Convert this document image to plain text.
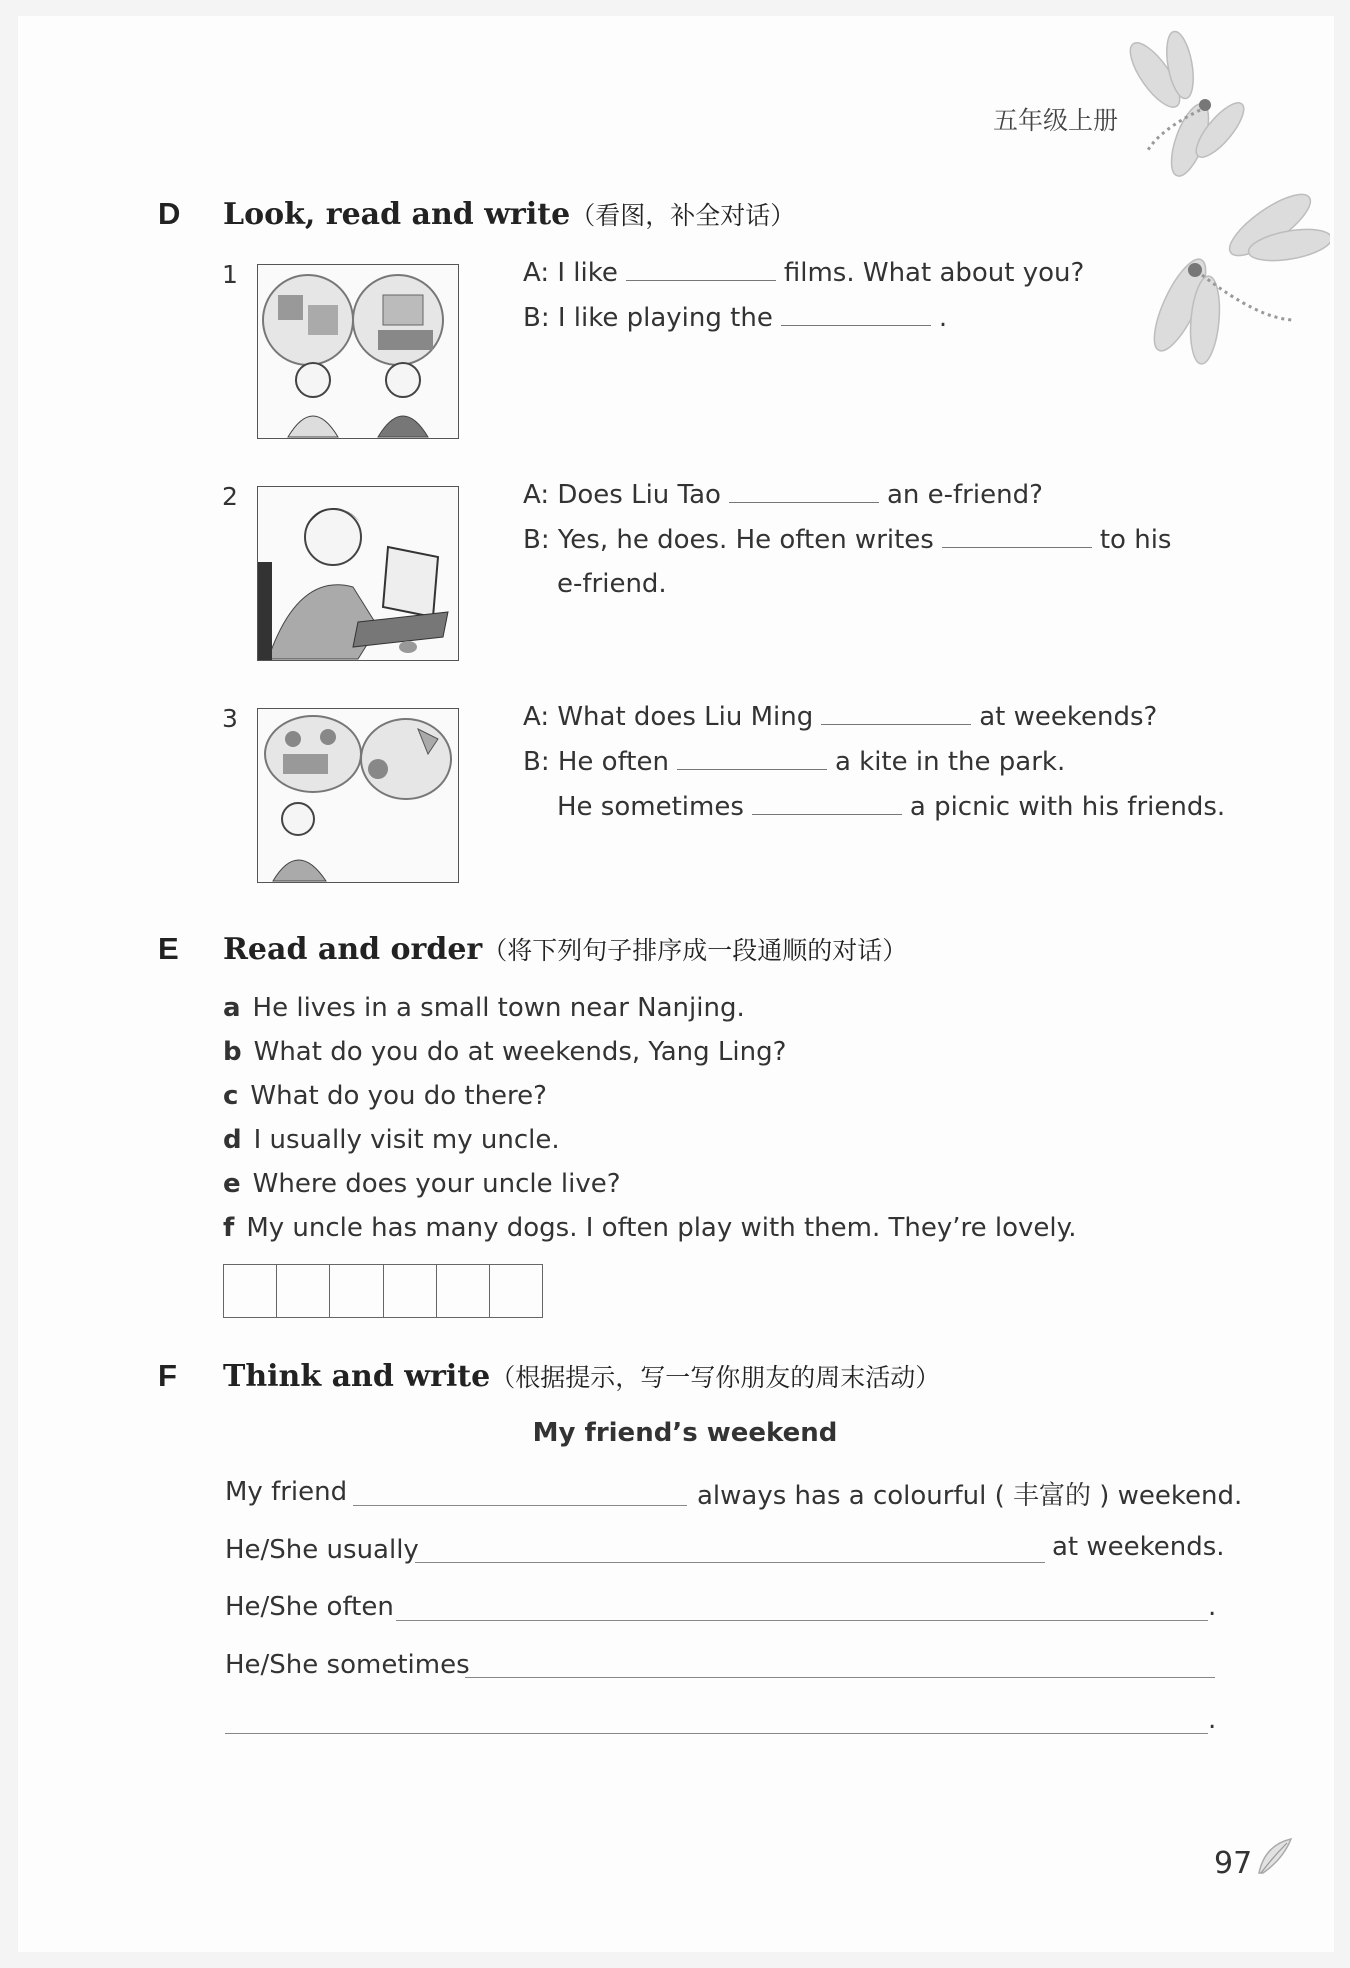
五年级上册
D Look, read and write（看图，补全对话）
1	A: I like	films. What about you?
B: I like playing the	.
2	A: Does Liu Tao	an e-friend?
B: Yes, he does. He often writes	to his
e-friend.
3	A: What does Liu Ming	at weekends?
B: He often	a kite in the park.
He sometimes	a picnic with his friends.
E Read and order（将下列句子排序成一段通顺的对话）
a He lives in a small town near Nanjing.
b What do you do at weekends, Yang Ling?
c What do you do there?
d I usually visit my uncle.
e Where does your uncle live?
f My uncle has many dogs. I often play with them. They’re lovely.
F Think and write（根据提示，写一写你朋友的周末活动）
My friend’s weekend
My friend	always has a colourful ( 丰富的 ) weekend.
He/She usually	at weekends.
He/She often	.
He/She sometimes
.
97
